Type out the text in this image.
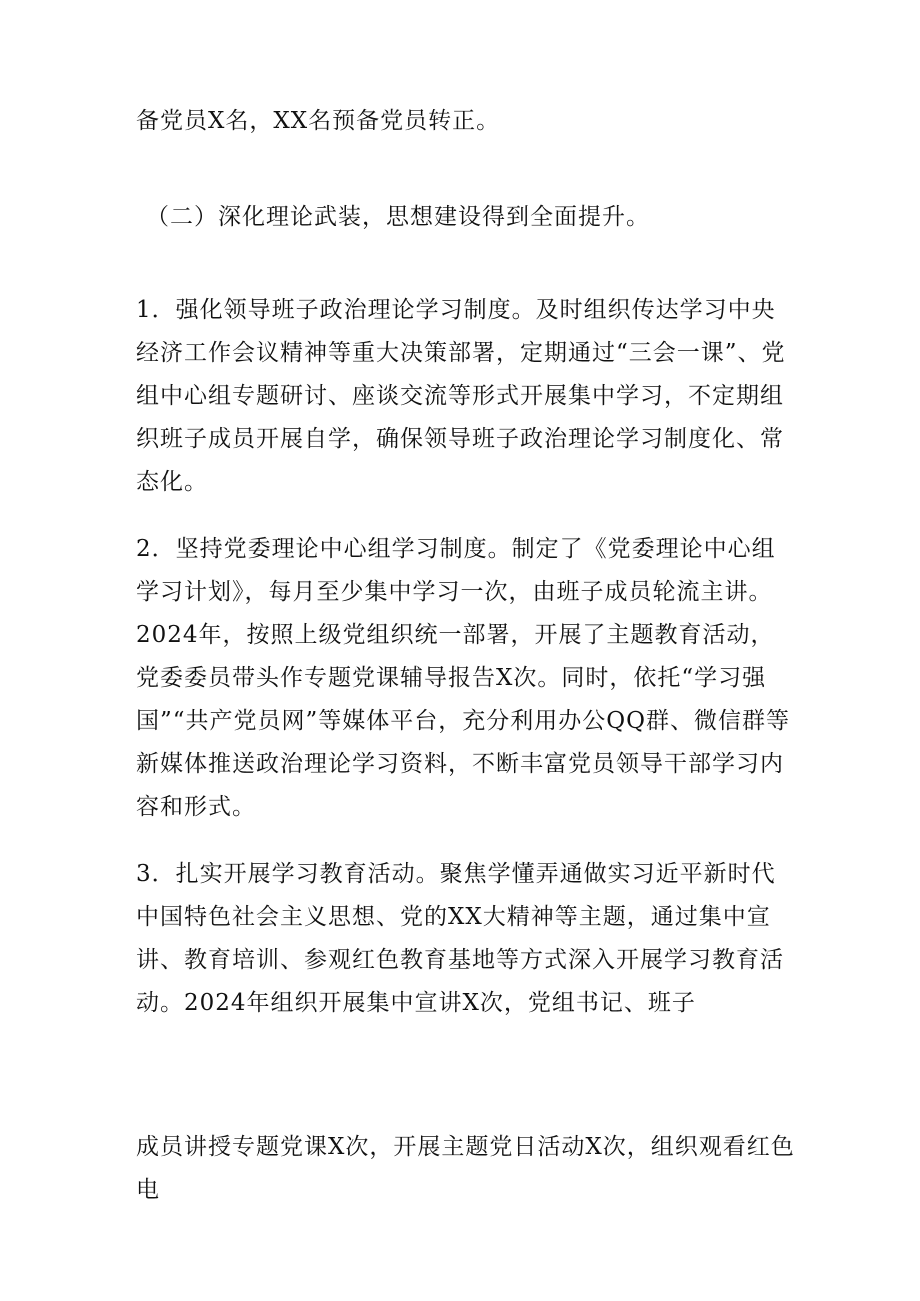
备党员X名，XX名预备党员转正。

（二）深化理论武装，思想建设得到全面提升。

1．强化领导班子政治理论学习制度。及时组织传达学习中央经济工作会议精神等重大决策部署，定期通过“三会一课”、党组中心组专题研讨、座谈交流等形式开展集中学习，不定期组织班子成员开展自学，确保领导班子政治理论学习制度化、常态化。

2．坚持党委理论中心组学习制度。制定了《党委理论中心组学习计划》，每月至少集中学习一次，由班子成员轮流主讲。2024年，按照上级党组织统一部署，开展了主题教育活动，党委委员带头作专题党课辅导报告X次。同时，依托“学习强国”“共产党员网”等媒体平台，充分利用办公QQ群、微信群等新媒体推送政治理论学习资料，不断丰富党员领导干部学习内容和形式。

3．扎实开展学习教育活动。聚焦学懂弄通做实习近平新时代中国特色社会主义思想、党的XX大精神等主题，通过集中宣讲、教育培训、参观红色教育基地等方式深入开展学习教育活动。2024年组织开展集中宣讲X次，党组书记、班子

成员讲授专题党课X次，开展主题党日活动X次，组织观看红色电
